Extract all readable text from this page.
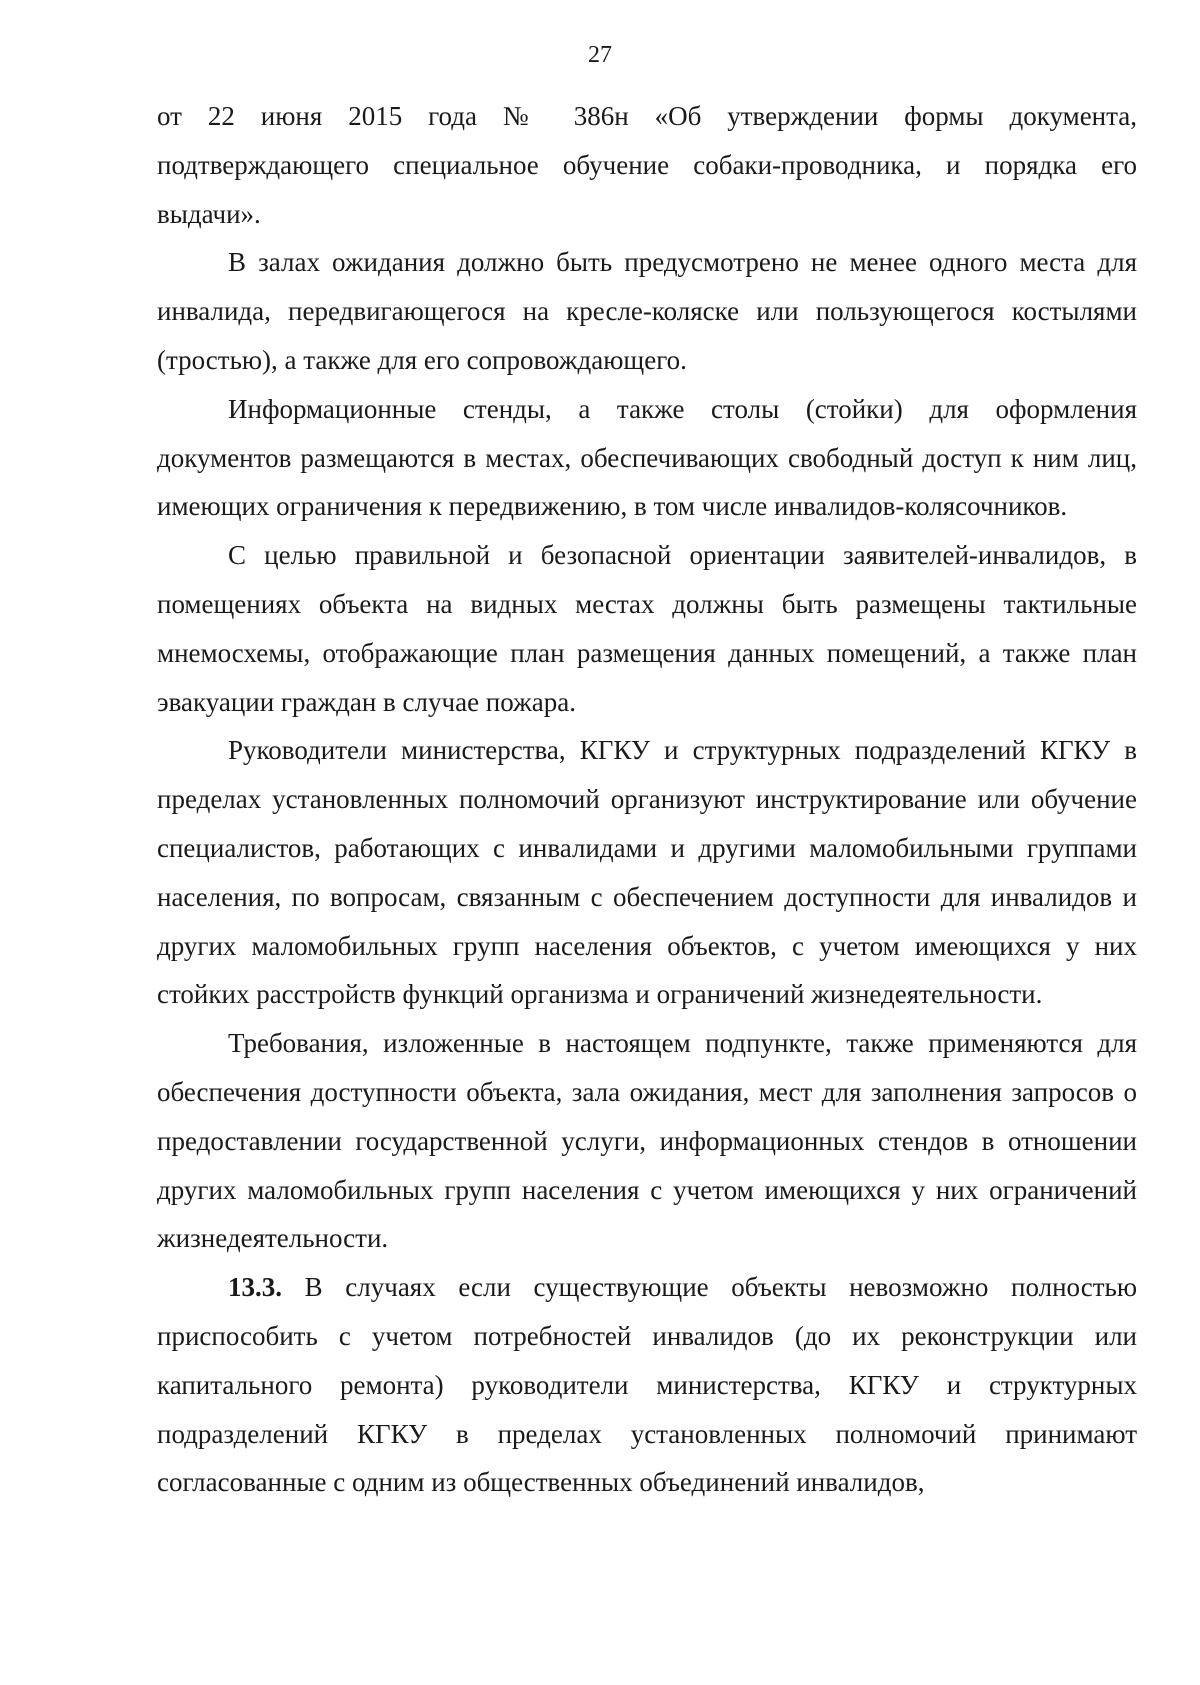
27

от 22 июня 2015 года № 386н «Об утверждении формы документа, подтверждающего специальное обучение собаки-проводника, и порядка его выдачи».

В залах ожидания должно быть предусмотрено не менее одного места для инвалида, передвигающегося на кресле-коляске или пользующегося костылями (тростью), а также для его сопровождающего.

Информационные стенды, а также столы (стойки) для оформления документов размещаются в местах, обеспечивающих свободный доступ к ним лиц, имеющих ограничения к передвижению, в том числе инвалидов-колясочников.

С целью правильной и безопасной ориентации заявителей-инвалидов, в помещениях объекта на видных местах должны быть размещены тактильные мнемосхемы, отображающие план размещения данных помещений, а также план эвакуации граждан в случае пожара.

Руководители министерства, КГКУ и структурных подразделений КГКУ в пределах установленных полномочий организуют инструктирование или обучение специалистов, работающих с инвалидами и другими маломобильными группами населения, по вопросам, связанным с обеспечением доступности для инвалидов и других маломобильных групп населения объектов, с учетом имеющихся у них стойких расстройств функций организма и ограничений жизнедеятельности.

Требования, изложенные в настоящем подпункте, также применяются для обеспечения доступности объекта, зала ожидания, мест для заполнения запросов о предоставлении государственной услуги, информационных стендов в отношении других маломобильных групп населения с учетом имеющихся у них ограничений жизнедеятельности.

13.3. В случаях если существующие объекты невозможно полностью приспособить с учетом потребностей инвалидов (до их реконструкции или капитального ремонта) руководители министерства, КГКУ и структурных подразделений КГКУ в пределах установленных полномочий принимают согласованные с одним из общественных объединений инвалидов,
